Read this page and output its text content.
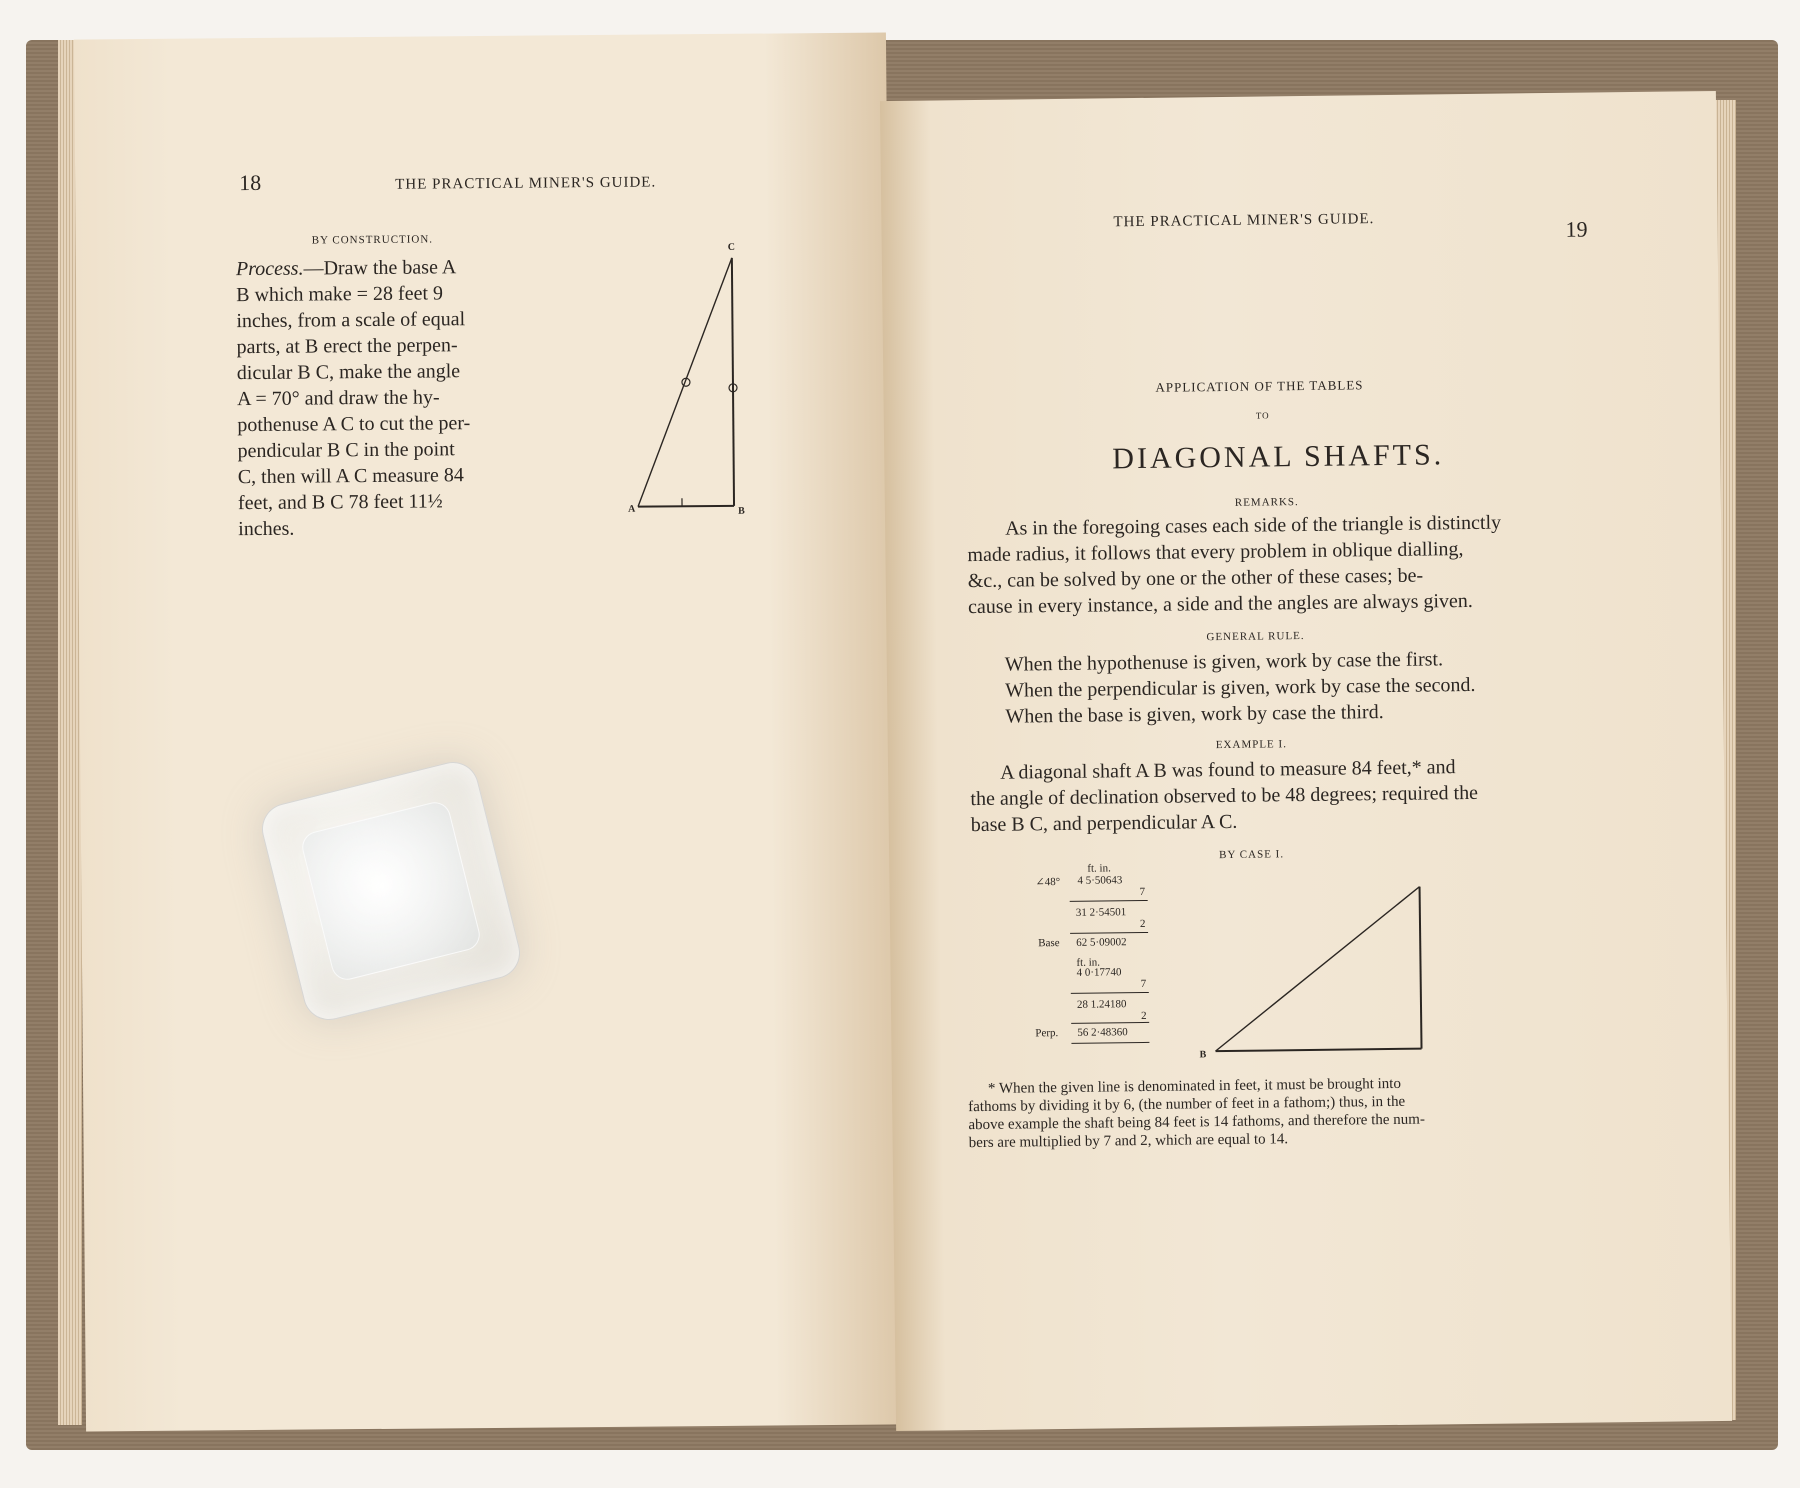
18	THE PRACTICAL MINER'S GUIDE.
BY CONSTRUCTION.

Process.—Draw the base A

B which make = 28 feet 9

inches, from a scale of equal

parts, at B erect the perpen-

dicular B C, make the angle

A = 70° and draw the hy-

pothenuse A C to cut the per-

pendicular B C in the point

C, then will A C measure 84

feet, and B C 78 feet 11½

inches.

A	B
C
THE PRACTICAL MINER'S GUIDE.	19
APPLICATION OF THE TABLES
TO
DIAGONAL SHAFTS.
REMARKS.

As in the foregoing cases each side of the triangle is distinctly

made radius, it follows that every problem in oblique dialling,

&c., can be solved by one or the other of these cases; be-

cause in every instance, a side and the angles are always given.

GENERAL RULE.

When the hypothenuse is given, work by case the first.

When the perpendicular is given, work by case the second.

When the base is given, work by case the third.

EXAMPLE I.

A diagonal shaft A B was found to measure 84 feet,* and

the angle of declination observed to be 48 degrees; required the

base B C, and perpendicular A C.

BY CASE I.
ft. in.
∠48° 4 5·50643
7
31 2·54501
2
Base 62 5·09002
ft. in.
4 0·17740
7
28 1.24180
2
Perp. 56 2·48360
B
* When the given line is denominated in feet, it must be brought into
fathoms by dividing it by 6, (the number of feet in a fathom;) thus, in the
above example the shaft being 84 feet is 14 fathoms, and therefore the num-
bers are multiplied by 7 and 2, which are equal to 14.
